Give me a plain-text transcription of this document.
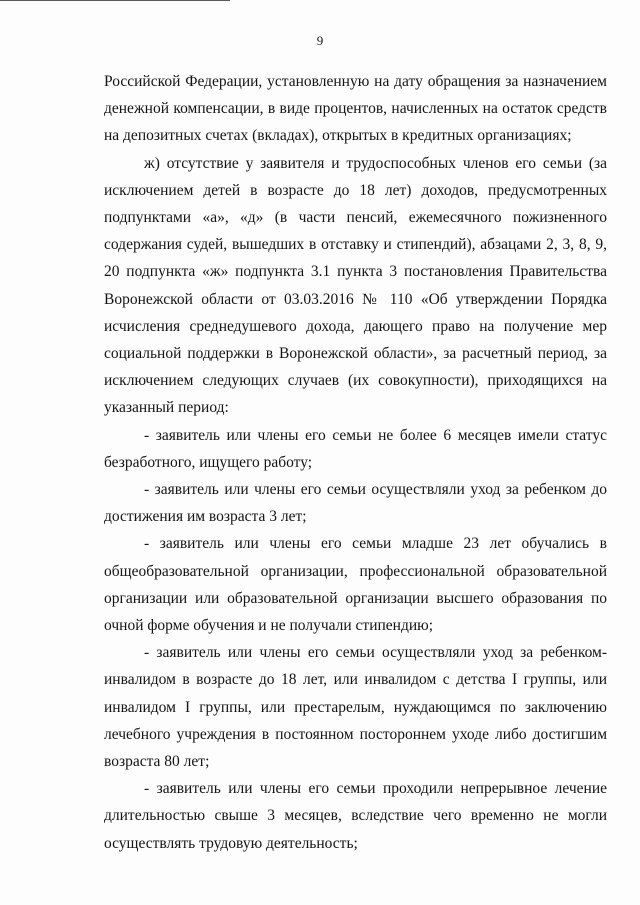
9

Российской Федерации, установленную на дату обращения за назначением денежной компенсации, в виде процентов, начисленных на остаток средств на депозитных счетах (вкладах), открытых в кредитных организациях;

ж) отсутствие у заявителя и трудоспособных членов его семьи (за исключением детей в возрасте до 18 лет) доходов, предусмотренных подпунктами «а», «д» (в части пенсий, ежемесячного пожизненного содержания судей, вышедших в отставку и стипендий), абзацами 2, 3, 8, 9, 20 подпункта «ж» подпункта 3.1 пункта 3 постановления Правительства Воронежской области от 03.03.2016 № 110 «Об утверждении Порядка исчисления среднедушевого дохода, дающего право на получение мер социальной поддержки в Воронежской области», за расчетный период, за исключением следующих случаев (их совокупности), приходящихся на указанный период:

- заявитель или члены его семьи не более 6 месяцев имели статус безработного, ищущего работу;

- заявитель или члены его семьи осуществляли уход за ребенком до достижения им возраста 3 лет;

- заявитель или члены его семьи младше 23 лет обучались в общеобразовательной организации, профессиональной образовательной организации или образовательной организации высшего образования по очной форме обучения и не получали стипендию;

- заявитель или члены его семьи осуществляли уход за ребенком-инвалидом в возрасте до 18 лет, или инвалидом с детства I группы, или инвалидом I группы, или престарелым, нуждающимся по заключению лечебного учреждения в постоянном постороннем уходе либо достигшим возраста 80 лет;

- заявитель или члены его семьи проходили непрерывное лечение длительностью свыше 3 месяцев, вследствие чего временно не могли осуществлять трудовую деятельность;
